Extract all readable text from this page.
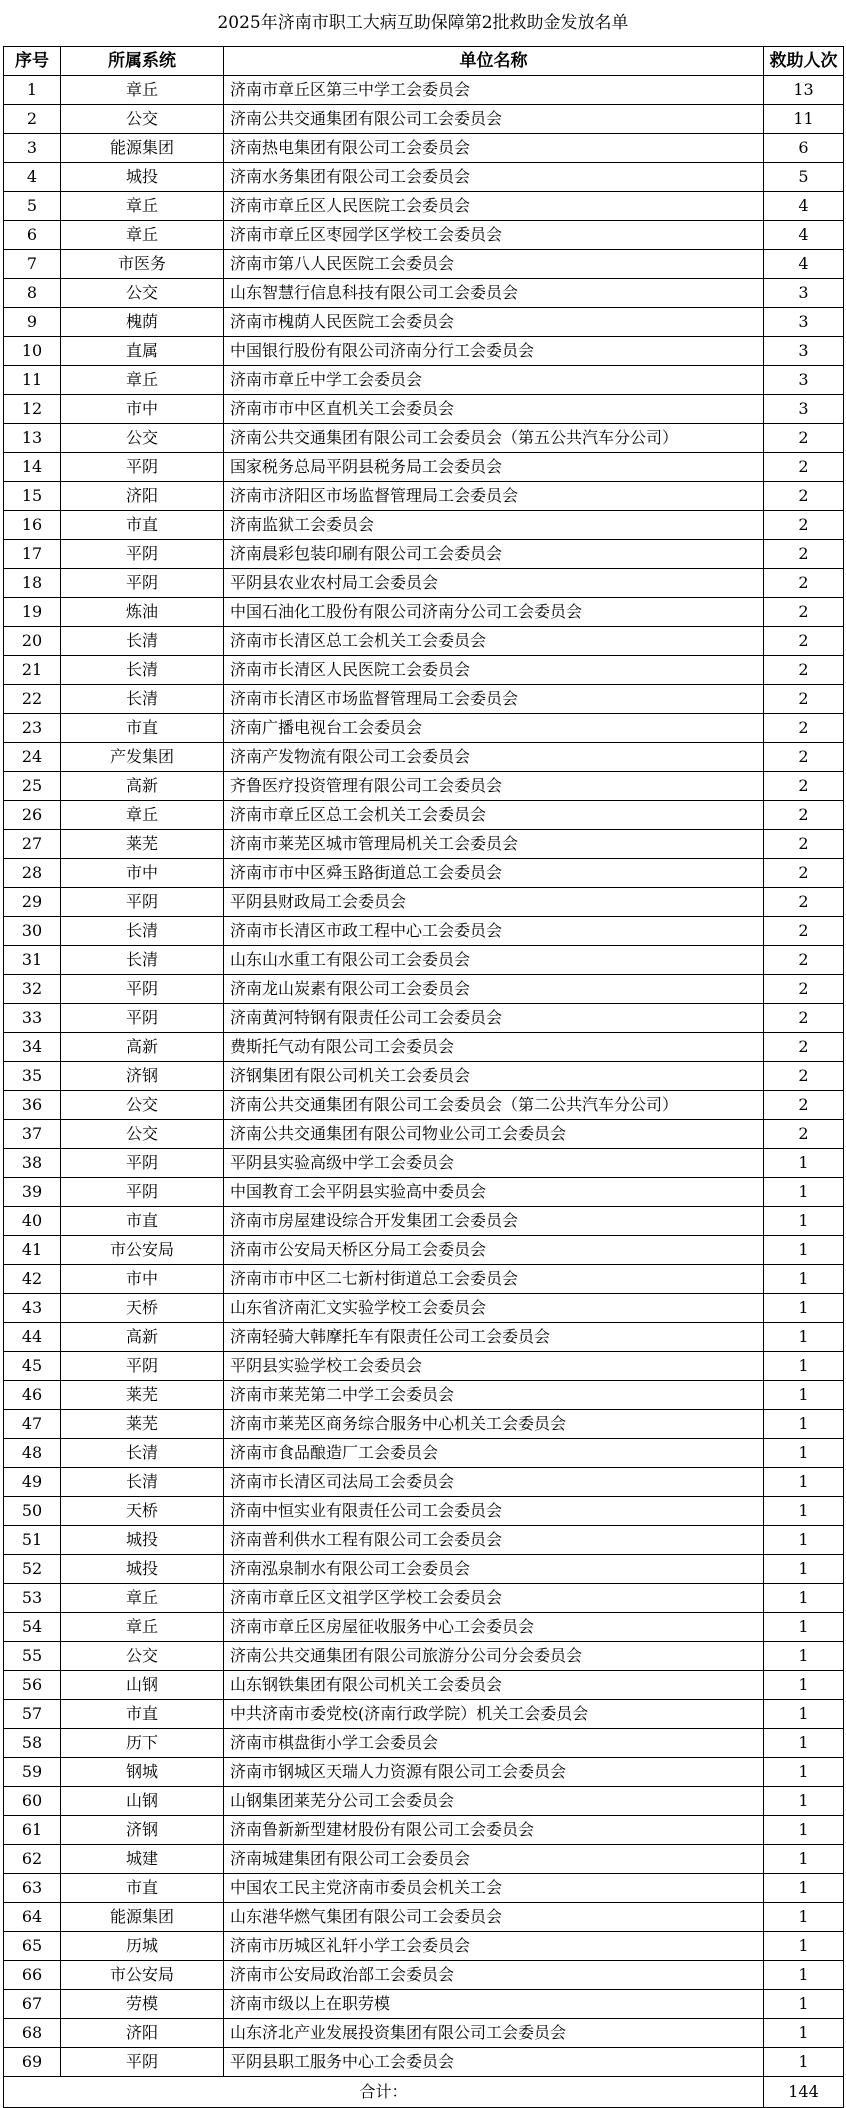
2025年济南市职工大病互助保障第2批救助金发放名单
序号	所属系统	单位名称	救助人次
1	章丘	济南市章丘区第三中学工会委员会	13
2	公交	济南公共交通集团有限公司工会委员会	11
3	能源集团	济南热电集团有限公司工会委员会	6
4	城投	济南水务集团有限公司工会委员会	5
5	章丘	济南市章丘区人民医院工会委员会	4
6	章丘	济南市章丘区枣园学区学校工会委员会	4
7	市医务	济南市第八人民医院工会委员会	4
8	公交	山东智慧行信息科技有限公司工会委员会	3
9	槐荫	济南市槐荫人民医院工会委员会	3
10	直属	中国银行股份有限公司济南分行工会委员会	3
11	章丘	济南市章丘中学工会委员会	3
12	市中	济南市市中区直机关工会委员会	3
13	公交	济南公共交通集团有限公司工会委员会（第五公共汽车分公司）	2
14	平阴	国家税务总局平阴县税务局工会委员会	2
15	济阳	济南市济阳区市场监督管理局工会委员会	2
16	市直	济南监狱工会委员会	2
17	平阴	济南晨彩包装印刷有限公司工会委员会	2
18	平阴	平阴县农业农村局工会委员会	2
19	炼油	中国石油化工股份有限公司济南分公司工会委员会	2
20	长清	济南市长清区总工会机关工会委员会	2
21	长清	济南市长清区人民医院工会委员会	2
22	长清	济南市长清区市场监督管理局工会委员会	2
23	市直	济南广播电视台工会委员会	2
24	产发集团	济南产发物流有限公司工会委员会	2
25	高新	齐鲁医疗投资管理有限公司工会委员会	2
26	章丘	济南市章丘区总工会机关工会委员会	2
27	莱芜	济南市莱芜区城市管理局机关工会委员会	2
28	市中	济南市市中区舜玉路街道总工会委员会	2
29	平阴	平阴县财政局工会委员会	2
30	长清	济南市长清区市政工程中心工会委员会	2
31	长清	山东山水重工有限公司工会委员会	2
32	平阴	济南龙山炭素有限公司工会委员会	2
33	平阴	济南黄河特钢有限责任公司工会委员会	2
34	高新	费斯托气动有限公司工会委员会	2
35	济钢	济钢集团有限公司机关工会委员会	2
36	公交	济南公共交通集团有限公司工会委员会（第二公共汽车分公司）	2
37	公交	济南公共交通集团有限公司物业公司工会委员会	2
38	平阴	平阴县实验高级中学工会委员会	1
39	平阴	中国教育工会平阴县实验高中委员会	1
40	市直	济南市房屋建设综合开发集团工会委员会	1
41	市公安局	济南市公安局天桥区分局工会委员会	1
42	市中	济南市市中区二七新村街道总工会委员会	1
43	天桥	山东省济南汇文实验学校工会委员会	1
44	高新	济南轻骑大韩摩托车有限责任公司工会委员会	1
45	平阴	平阴县实验学校工会委员会	1
46	莱芜	济南市莱芜第二中学工会委员会	1
47	莱芜	济南市莱芜区商务综合服务中心机关工会委员会	1
48	长清	济南市食品酿造厂工会委员会	1
49	长清	济南市长清区司法局工会委员会	1
50	天桥	济南中恒实业有限责任公司工会委员会	1
51	城投	济南普利供水工程有限公司工会委员会	1
52	城投	济南泓泉制水有限公司工会委员会	1
53	章丘	济南市章丘区文祖学区学校工会委员会	1
54	章丘	济南市章丘区房屋征收服务中心工会委员会	1
55	公交	济南公共交通集团有限公司旅游分公司分会委员会	1
56	山钢	山东钢铁集团有限公司机关工会委员会	1
57	市直	中共济南市委党校(济南行政学院）机关工会委员会	1
58	历下	济南市棋盘街小学工会委员会	1
59	钢城	济南市钢城区天瑞人力资源有限公司工会委员会	1
60	山钢	山钢集团莱芜分公司工会委员会	1
61	济钢	济南鲁新新型建材股份有限公司工会委员会	1
62	城建	济南城建集团有限公司工会委员会	1
63	市直	中国农工民主党济南市委员会机关工会	1
64	能源集团	山东港华燃气集团有限公司工会委员会	1
65	历城	济南市历城区礼轩小学工会委员会	1
66	市公安局	济南市公安局政治部工会委员会	1
67	劳模	济南市级以上在职劳模	1
68	济阳	山东济北产业发展投资集团有限公司工会委员会	1
69	平阴	平阴县职工服务中心工会委员会	1
合计：			144
